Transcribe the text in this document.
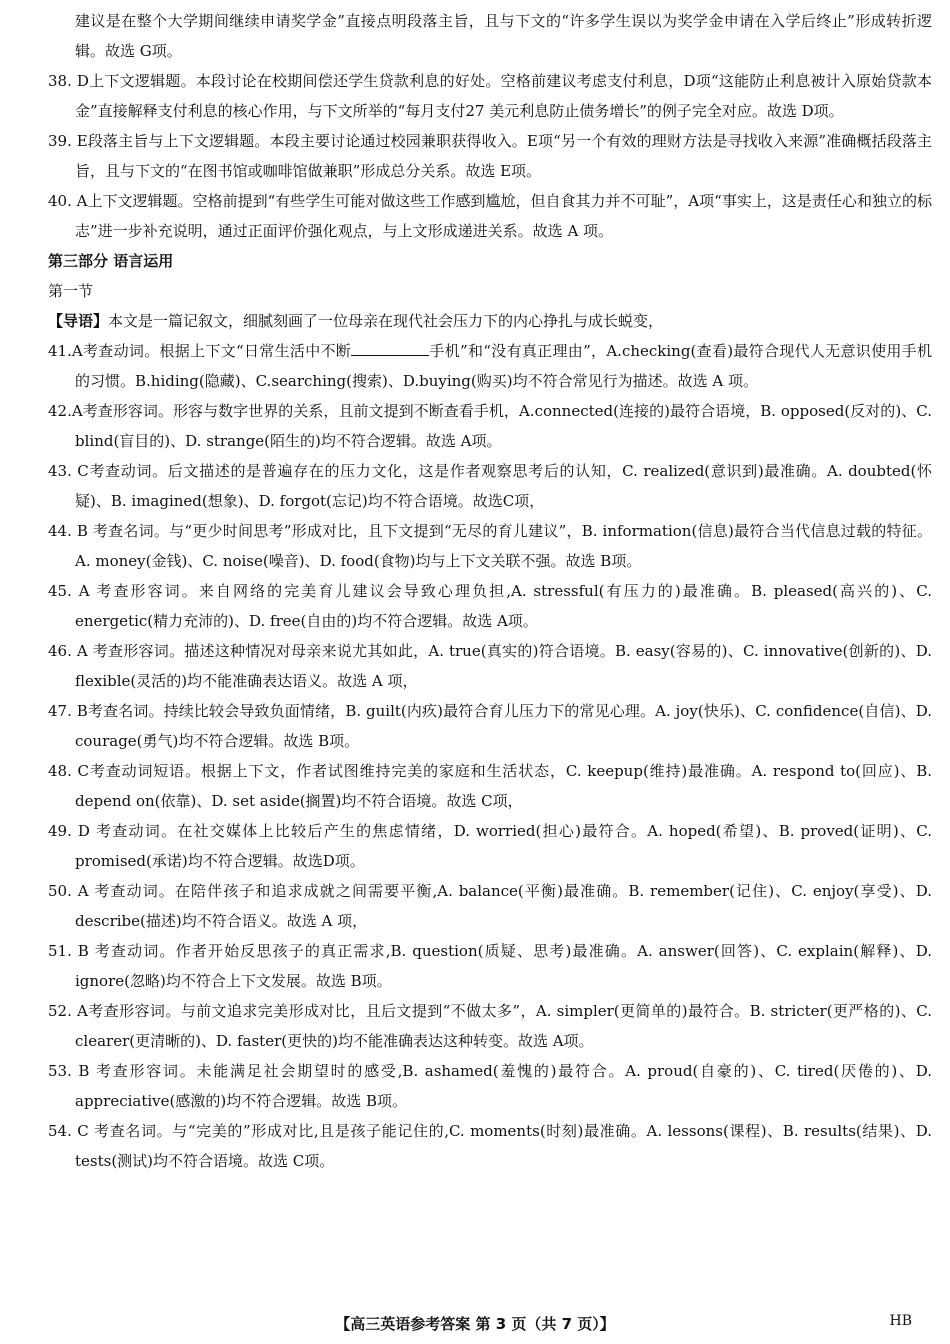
建议是在整个大学期间继续申请奖学金”直接点明段落主旨，且与下文的“许多学生误以为奖学金申请在入学后终止”形成转折逻辑。故选 G项。

38. D上下文逻辑题。本段讨论在校期间偿还学生贷款利息的好处。空格前建议考虑支付利息，D项“这能防止利息被计入原始贷款本金”直接解释支付利息的核心作用，与下文所举的“每月支付27 美元利息防止债务增长”的例子完全对应。故选 D项。

39. E段落主旨与上下文逻辑题。本段主要讨论通过校园兼职获得收入。E项“另一个有效的理财方法是寻找收入来源”准确概括段落主旨，且与下文的“在图书馆或咖啡馆做兼职”形成总分关系。故选 E项。

40. A上下文逻辑题。空格前提到“有些学生可能对做这些工作感到尴尬，但自食其力并不可耻”，A项“事实上，这是责任心和独立的标志”进一步补充说明，通过正面评价强化观点，与上文形成递进关系。故选 A 项。

第三部分 语言运用

第一节

【导语】本文是一篇记叙文，细腻刻画了一位母亲在现代社会压力下的内心挣扎与成长蜕变，

41.A考查动词。根据上下文“日常生活中不断	手机”和“没有真正理由”，A.checking(查看)最符合现代人无意识使用手机的习惯。B.hiding(隐藏)、C.searching(搜索)、D.buying(购买)均不符合常见行为描述。故选 A 项。

42.A考查形容词。形容与数字世界的关系，且前文提到不断查看手机，A.connected(连接的)最符合语境，B. opposed(反对的)、C. blind(盲目的)、D. strange(陌生的)均不符合逻辑。故选 A项。

43. C考查动词。后文描述的是普遍存在的压力文化，这是作者观察思考后的认知，C. realized(意识到)最准确。A. doubted(怀疑)、B. imagined(想象)、D. forgot(忘记)均不符合语境。故选C项，

44. B 考查名词。与“更少时间思考”形成对比，且下文提到“无尽的育儿建议”，B. information(信息)最符合当代信息过载的特征。A. money(金钱)、C. noise(噪音)、D. food(食物)均与上下文关联不强。故选 B项。

45. A 考查形容词。来自网络的完美育儿建议会导致心理负担,A. stressful(有压力的)最准确。B. pleased(高兴的)、C. energetic(精力充沛的)、D. free(自由的)均不符合逻辑。故选 A项。

46. A 考查形容词。描述这种情况对母亲来说尤其如此，A. true(真实的)符合语境。B. easy(容易的)、C. innovative(创新的)、D. flexible(灵活的)均不能准确表达语义。故选 A 项，

47. B考查名词。持续比较会导致负面情绪，B. guilt(内疚)最符合育儿压力下的常见心理。A. joy(快乐)、C. confidence(自信)、D. courage(勇气)均不符合逻辑。故选 B项。

48. C考查动词短语。根据上下文，作者试图维持完美的家庭和生活状态，C. keepup(维持)最准确。A. respond to(回应)、B. depend on(依靠)、D. set aside(搁置)均不符合语境。故选 C项，

49. D 考查动词。在社交媒体上比较后产生的焦虑情绪，D. worried(担心)最符合。A. hoped(希望)、B. proved(证明)、C. promised(承诺)均不符合逻辑。故选D项。

50. A 考查动词。在陪伴孩子和追求成就之间需要平衡,A. balance(平衡)最准确。B. remember(记住)、C. enjoy(享受)、D. describe(描述)均不符合语义。故选 A 项，

51. B 考查动词。作者开始反思孩子的真正需求,B. question(质疑、思考)最准确。A. answer(回答)、C. explain(解释)、D. ignore(忽略)均不符合上下文发展。故选 B项。

52. A考查形容词。与前文追求完美形成对比，且后文提到“不做太多”，A. simpler(更简单的)最符合。B. stricter(更严格的)、C. clearer(更清晰的)、D. faster(更快的)均不能准确表达这种转变。故选 A项。

53. B 考查形容词。未能满足社会期望时的感受,B. ashamed(羞愧的)最符合。A. proud(自豪的)、C. tired(厌倦的)、D. appreciative(感激的)均不符合逻辑。故选 B项。

54. C 考查名词。与“完美的”形成对比,且是孩子能记住的,C. moments(时刻)最准确。A. lessons(课程)、B. results(结果)、D. tests(测试)均不符合语境。故选 C项。

【高三英语参考答案 第 3 页（共 7 页）】	HB
